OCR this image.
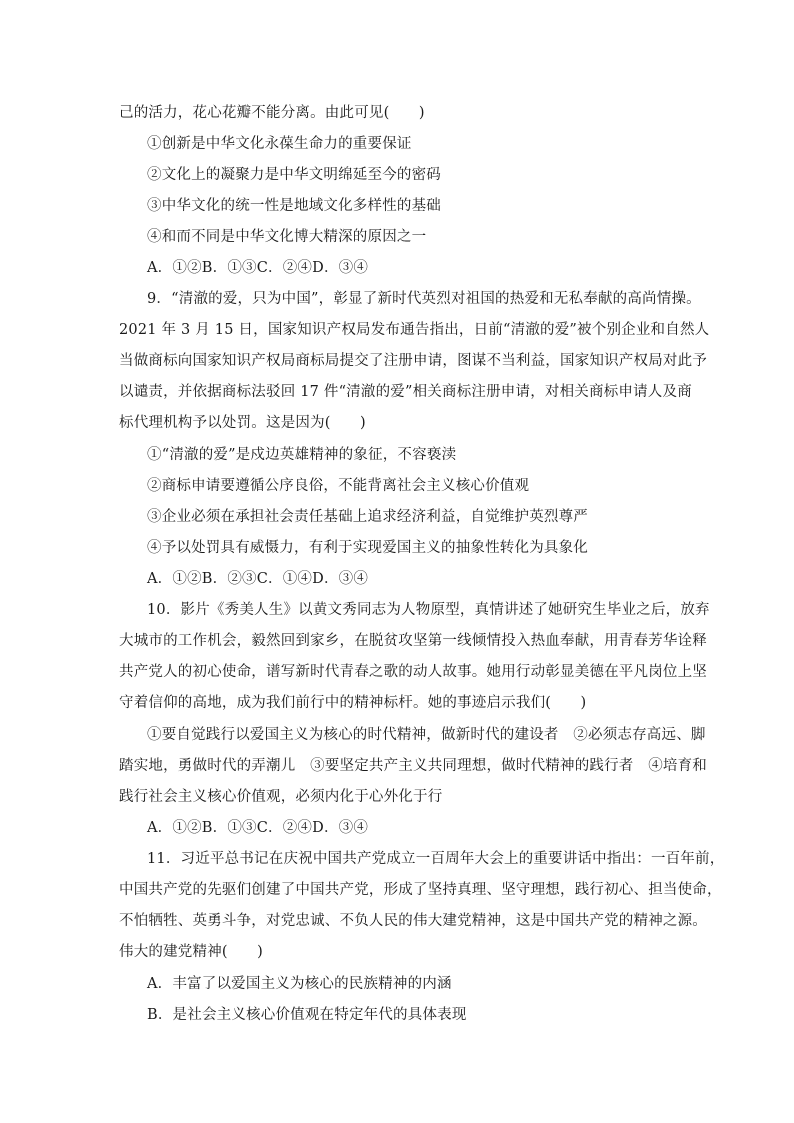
己的活力，花心花瓣不能分离。由此可见(　　)
①创新是中华文化永葆生命力的重要保证
②文化上的凝聚力是中华文明绵延至今的密码
③中华文化的统一性是地域文化多样性的基础
④和而不同是中华文化博大精深的原因之一
A．①②B．①③C．②④D．③④
9．“清澈的爱，只为中国”，彰显了新时代英烈对祖国的热爱和无私奉献的高尚情操。
2021 年 3 月 15 日，国家知识产权局发布通告指出，日前“清澈的爱”被个别企业和自然人
当做商标向国家知识产权局商标局提交了注册申请，图谋不当利益，国家知识产权局对此予
以谴责，并依据商标法驳回 17 件“清澈的爱”相关商标注册申请，对相关商标申请人及商
标代理机构予以处罚。这是因为(　　)
①“清澈的爱”是戍边英雄精神的象征，不容亵渎
②商标申请要遵循公序良俗，不能背离社会主义核心价值观
③企业必须在承担社会责任基础上追求经济利益，自觉维护英烈尊严
④予以处罚具有威慑力，有利于实现爱国主义的抽象性转化为具象化
A．①②B．②③C．①④D．③④
10．影片《秀美人生》以黄文秀同志为人物原型，真情讲述了她研究生毕业之后，放弃
大城市的工作机会，毅然回到家乡，在脱贫攻坚第一线倾情投入热血奉献，用青春芳华诠释
共产党人的初心使命，谱写新时代青春之歌的动人故事。她用行动彰显美德在平凡岗位上坚
守着信仰的高地，成为我们前行中的精神标杆。她的事迹启示我们(　　)
①要自觉践行以爱国主义为核心的时代精神，做新时代的建设者　②必须志存高远、脚
踏实地，勇做时代的弄潮儿　③要坚定共产主义共同理想，做时代精神的践行者　④培育和
践行社会主义核心价值观，必须内化于心外化于行
A．①②B．①③C．②④D．③④
11．习近平总书记在庆祝中国共产党成立一百周年大会上的重要讲话中指出：一百年前，
中国共产党的先驱们创建了中国共产党，形成了坚持真理、坚守理想，践行初心、担当使命，
不怕牺牲、英勇斗争，对党忠诚、不负人民的伟大建党精神，这是中国共产党的精神之源。
伟大的建党精神(　　)
A．丰富了以爱国主义为核心的民族精神的内涵
B．是社会主义核心价值观在特定年代的具体表现
